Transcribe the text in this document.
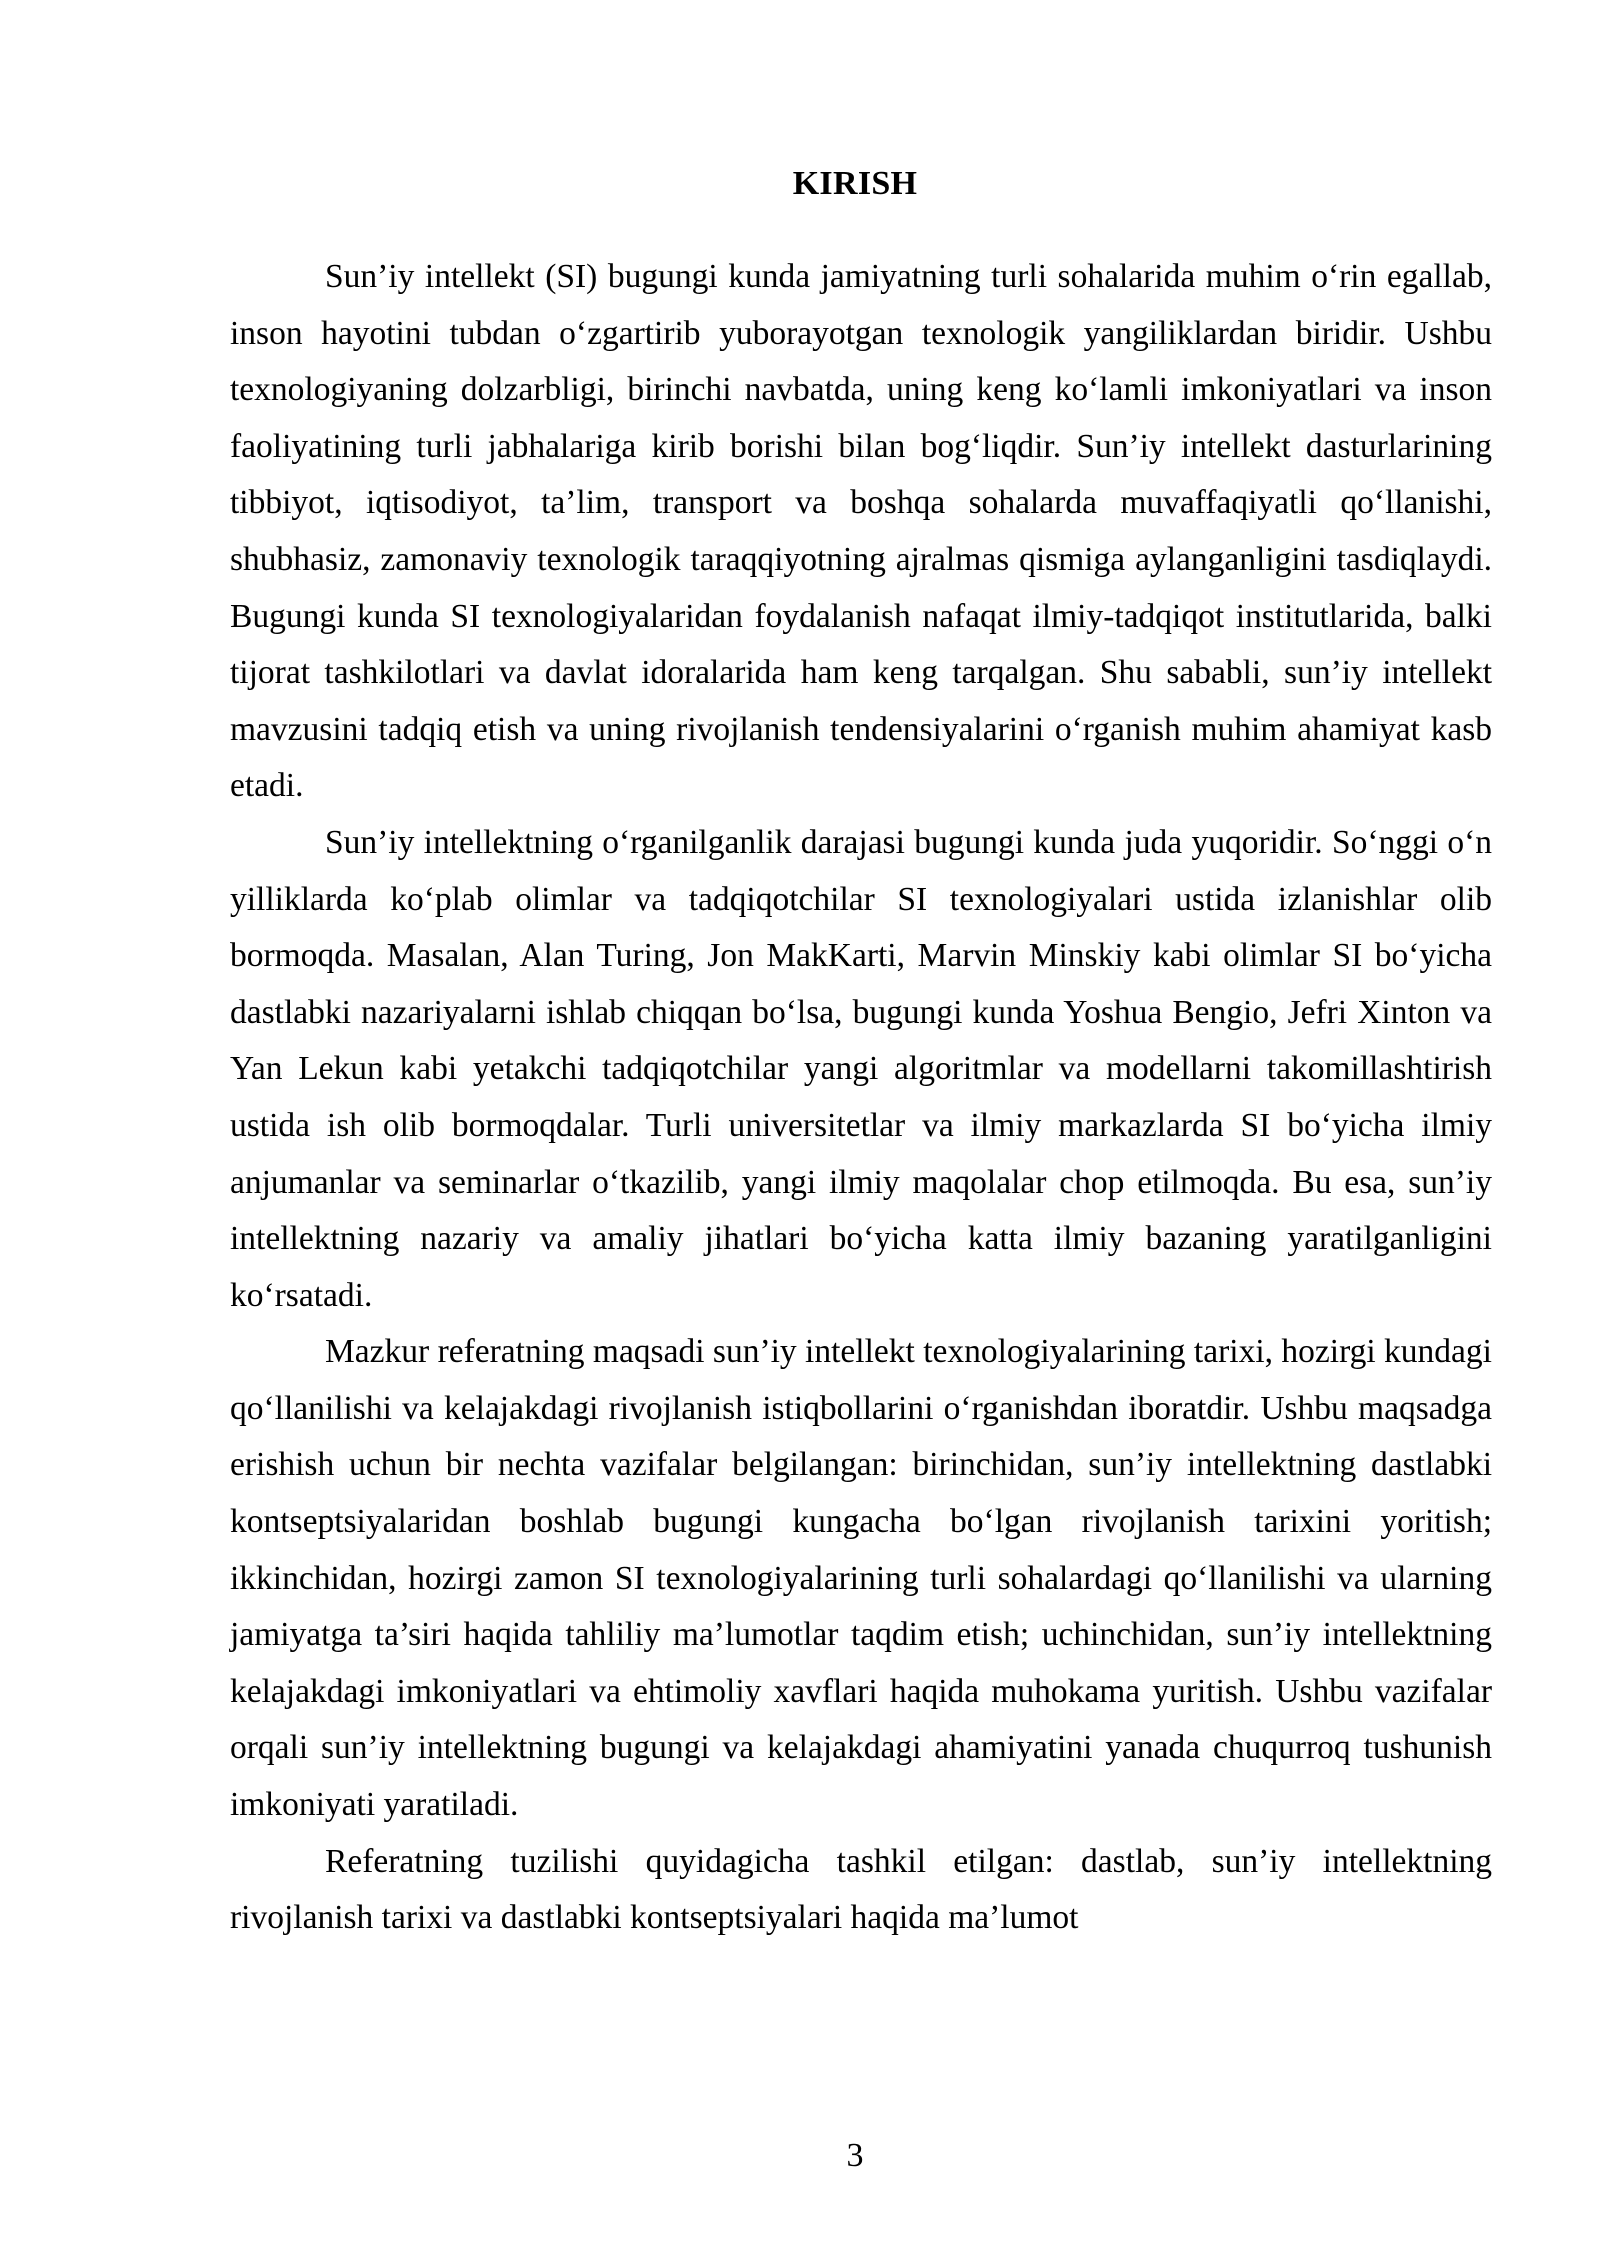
KIRISH

Sun’iy intellekt (SI) bugungi kunda jamiyatning turli sohalarida muhim o‘rin egallab, inson hayotini tubdan o‘zgartirib yuborayotgan texnologik yangiliklardan biridir. Ushbu texnologiyaning dolzarbligi, birinchi navbatda, uning keng ko‘lamli imkoniyatlari va inson faoliyatining turli jabhalariga kirib borishi bilan bog‘liqdir. Sun’iy intellekt dasturlarining tibbiyot, iqtisodiyot, ta’lim, transport va boshqa sohalarda muvaffaqiyatli qo‘llanishi, shubhasiz, zamonaviy texnologik taraqqiyotning ajralmas qismiga aylanganligini tasdiqlaydi. Bugungi kunda SI texnologiyalaridan foydalanish nafaqat ilmiy-tadqiqot institutlarida, balki tijorat tashkilotlari va davlat idoralarida ham keng tarqalgan. Shu sababli, sun’iy intellekt mavzusini tadqiq etish va uning rivojlanish tendensiyalarini o‘rganish muhim ahamiyat kasb etadi.

Sun’iy intellektning o‘rganilganlik darajasi bugungi kunda juda yuqoridir. So‘nggi o‘n yilliklarda ko‘plab olimlar va tadqiqotchilar SI texnologiyalari ustida izlanishlar olib bormoqda. Masalan, Alan Turing, Jon MakKarti, Marvin Minskiy kabi olimlar SI bo‘yicha dastlabki nazariyalarni ishlab chiqqan bo‘lsa, bugungi kunda Yoshua Bengio, Jefri Xinton va Yan Lekun kabi yetakchi tadqiqotchilar yangi algoritmlar va modellarni takomillashtirish ustida ish olib bormoqdalar. Turli universitetlar va ilmiy markazlarda SI bo‘yicha ilmiy anjumanlar va seminarlar o‘tkazilib, yangi ilmiy maqolalar chop etilmoqda. Bu esa, sun’iy intellektning nazariy va amaliy jihatlari bo‘yicha katta ilmiy bazaning yaratilganligini ko‘rsatadi.

Mazkur referatning maqsadi sun’iy intellekt texnologiyalarining tarixi, hozirgi kundagi qo‘llanilishi va kelajakdagi rivojlanish istiqbollarini o‘rganishdan iboratdir. Ushbu maqsadga erishish uchun bir nechta vazifalar belgilangan: birinchidan, sun’iy intellektning dastlabki kontseptsiyalaridan boshlab bugungi kungacha bo‘lgan rivojlanish tarixini yoritish; ikkinchidan, hozirgi zamon SI texnologiyalarining turli sohalardagi qo‘llanilishi va ularning jamiyatga ta’siri haqida tahliliy ma’lumotlar taqdim etish; uchinchidan, sun’iy intellektning kelajakdagi imkoniyatlari va ehtimoliy xavflari haqida muhokama yuritish. Ushbu vazifalar orqali sun’iy intellektning bugungi va kelajakdagi ahamiyatini yanada chuqurroq tushunish imkoniyati yaratiladi.

Referatning tuzilishi quyidagicha tashkil etilgan: dastlab, sun’iy intellektning rivojlanish tarixi va dastlabki kontseptsiyalari haqida ma’lumot

3
